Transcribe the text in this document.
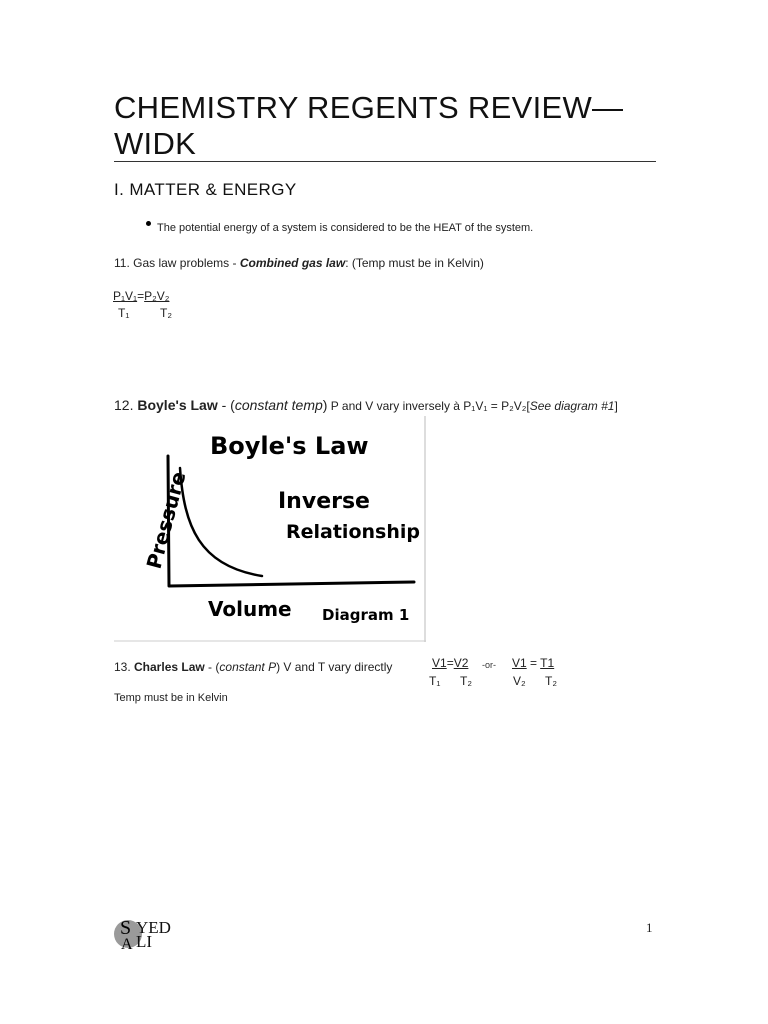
CHEMISTRY REGENTS REVIEW—
WIDK
I. MATTER & ENERGY
The potential energy of a system is considered to be the HEAT of the system.
11. Gas law problems - Combined gas law: (Temp must be in Kelvin)
P₁V₁=P₂V₂
T₁	T₂
12. Boyle's Law - (constant temp) P and V vary inversely à P₁V₁ = P₂V₂[See diagram #1]
Boyle's Law
Pressure	Inverse
Relationship
Volume Diagram 1
13. Charles Law - (constant P) V and T vary directly	V1=V2
T₁ T₂
-or- V1 = T1
V₂ T₂
Temp must be in Kelvin
S
A
YED
LI
1
